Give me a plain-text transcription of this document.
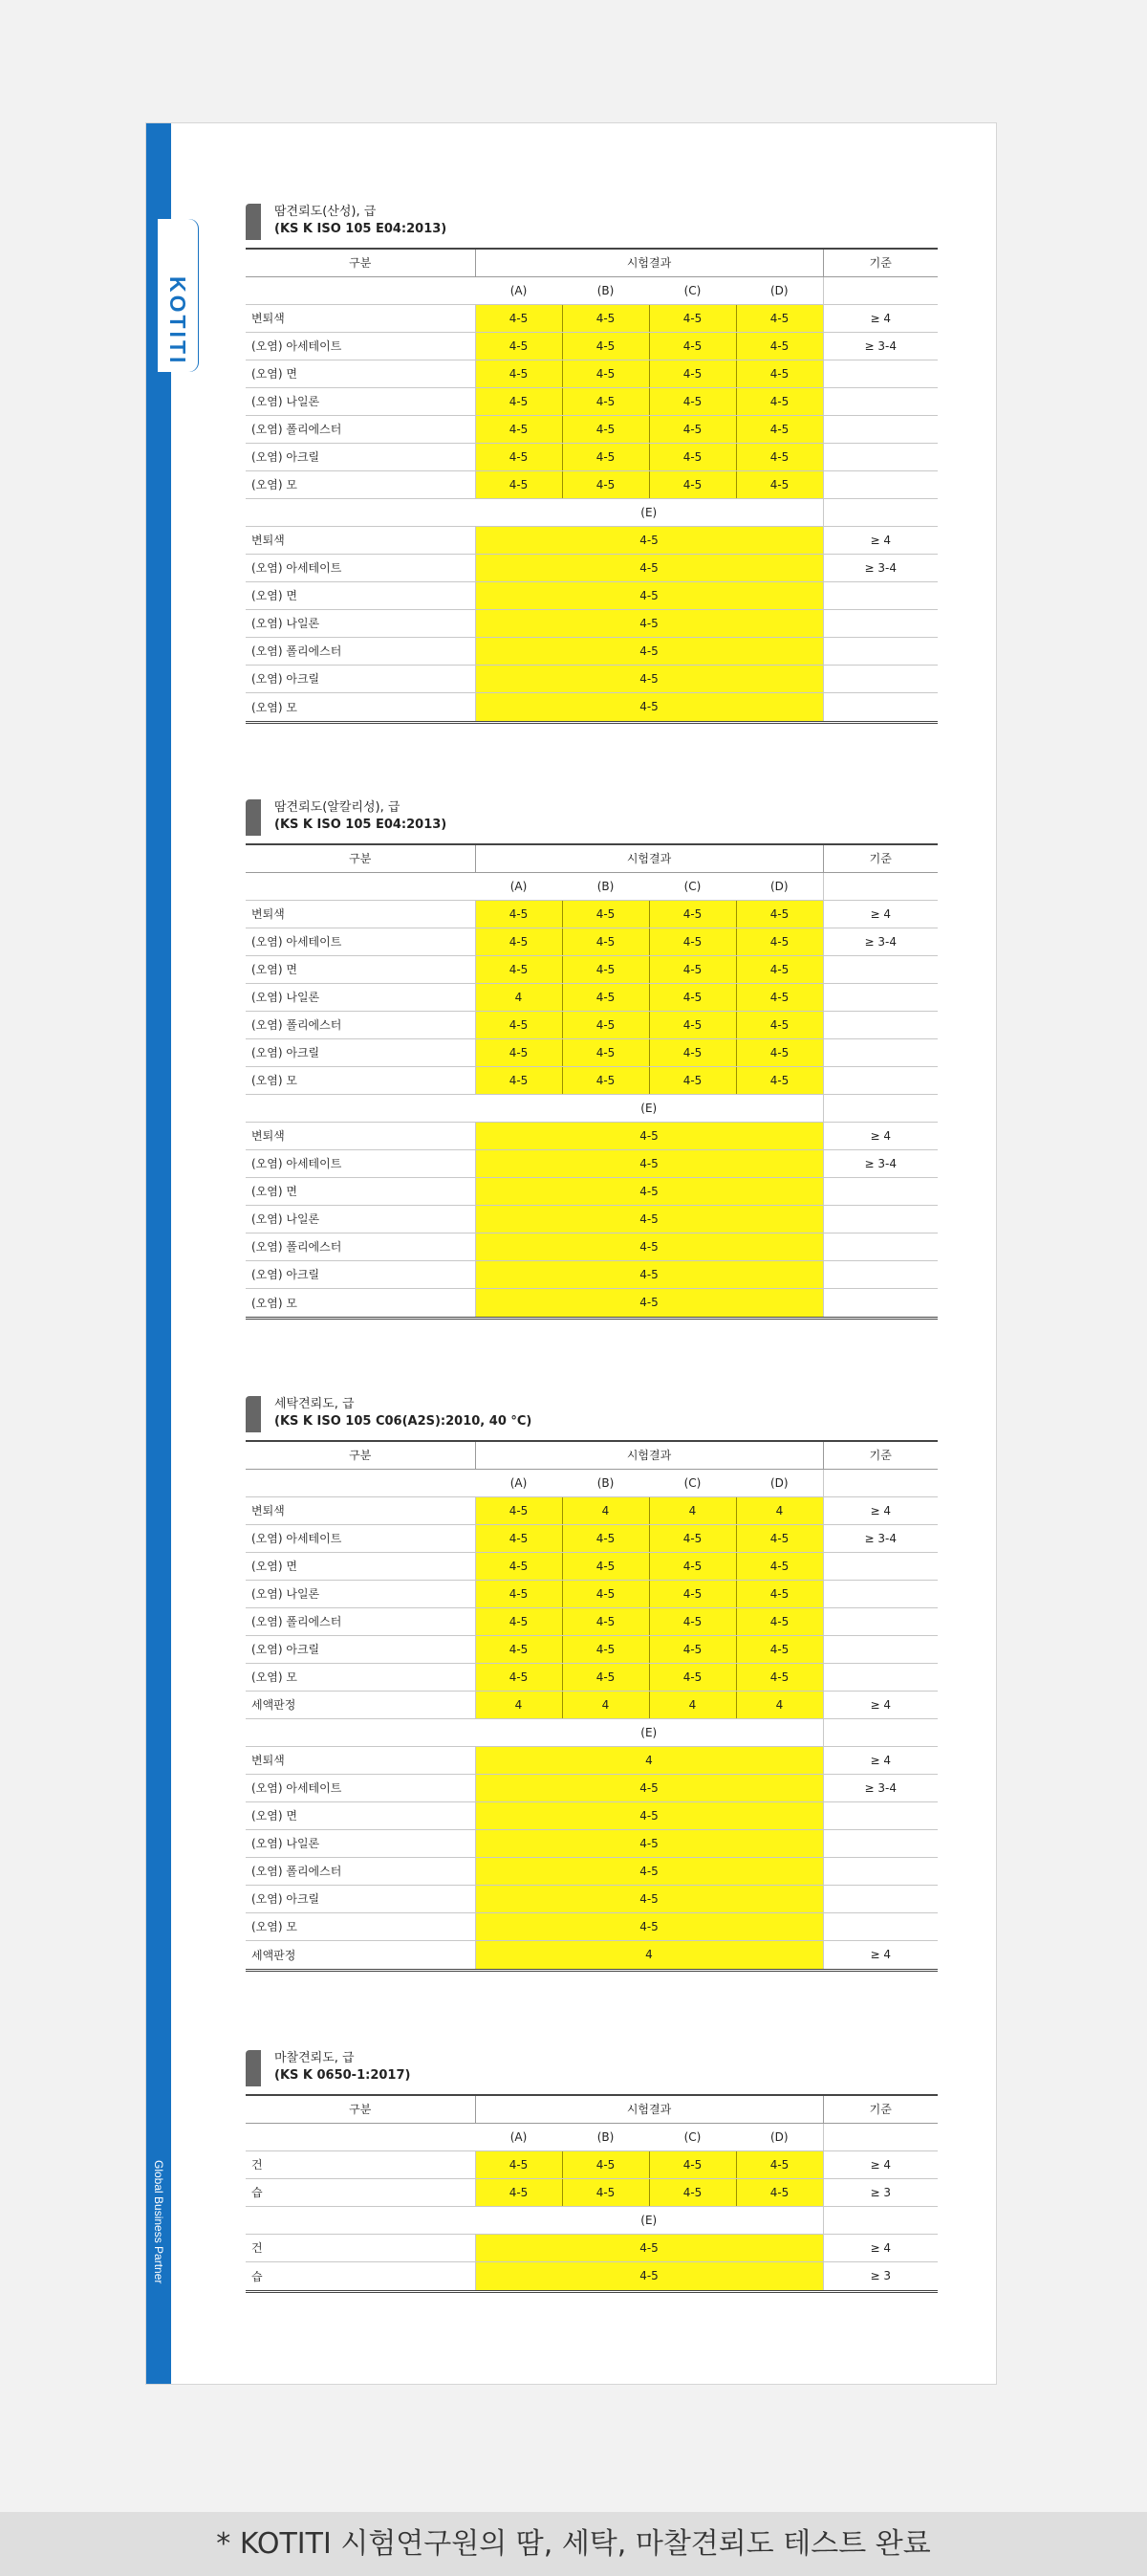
Global Business Partner
KOTITI
땀견뢰도(산성), 급
(KS K ISO 105 E04:2013)
구분	시험결과				기준
	(A)	(B)	(C)	(D)	
변퇴색	4-5	4-5	4-5	4-5	≥ 4
(오염) 아세테이트	4-5	4-5	4-5	4-5	≥ 3-4
(오염) 면	4-5	4-5	4-5	4-5	
(오염) 나일론	4-5	4-5	4-5	4-5	
(오염) 폴리에스터	4-5	4-5	4-5	4-5	
(오염) 아크릴	4-5	4-5	4-5	4-5	
(오염) 모	4-5	4-5	4-5	4-5	
	(E)				
변퇴색	4-5				≥ 4
(오염) 아세테이트	4-5				≥ 3-4
(오염) 면	4-5				
(오염) 나일론	4-5				
(오염) 폴리에스터	4-5				
(오염) 아크릴	4-5				
(오염) 모	4-5				
땀견뢰도(알칼리성), 급
(KS K ISO 105 E04:2013)
구분	시험결과				기준
	(A)	(B)	(C)	(D)	
변퇴색	4-5	4-5	4-5	4-5	≥ 4
(오염) 아세테이트	4-5	4-5	4-5	4-5	≥ 3-4
(오염) 면	4-5	4-5	4-5	4-5	
(오염) 나일론	4	4-5	4-5	4-5	
(오염) 폴리에스터	4-5	4-5	4-5	4-5	
(오염) 아크릴	4-5	4-5	4-5	4-5	
(오염) 모	4-5	4-5	4-5	4-5	
	(E)				
변퇴색	4-5				≥ 4
(오염) 아세테이트	4-5				≥ 3-4
(오염) 면	4-5				
(오염) 나일론	4-5				
(오염) 폴리에스터	4-5				
(오염) 아크릴	4-5				
(오염) 모	4-5				
세탁견뢰도, 급
(KS K ISO 105 C06(A2S):2010, 40 °C)
구분	시험결과				기준
	(A)	(B)	(C)	(D)	
변퇴색	4-5	4	4	4	≥ 4
(오염) 아세테이트	4-5	4-5	4-5	4-5	≥ 3-4
(오염) 면	4-5	4-5	4-5	4-5	
(오염) 나일론	4-5	4-5	4-5	4-5	
(오염) 폴리에스터	4-5	4-5	4-5	4-5	
(오염) 아크릴	4-5	4-5	4-5	4-5	
(오염) 모	4-5	4-5	4-5	4-5	
세액판정	4	4	4	4	≥ 4
	(E)				
변퇴색	4				≥ 4
(오염) 아세테이트	4-5				≥ 3-4
(오염) 면	4-5				
(오염) 나일론	4-5				
(오염) 폴리에스터	4-5				
(오염) 아크릴	4-5				
(오염) 모	4-5				
세액판정	4				≥ 4
마찰견뢰도, 급
(KS K 0650-1:2017)
구분	시험결과				기준
	(A)	(B)	(C)	(D)	
건	4-5	4-5	4-5	4-5	≥ 4
습	4-5	4-5	4-5	4-5	≥ 3
	(E)				
건	4-5				≥ 4
습	4-5				≥ 3
* KOTITI 시험연구원의 땀, 세탁, 마찰견뢰도 테스트 완료
